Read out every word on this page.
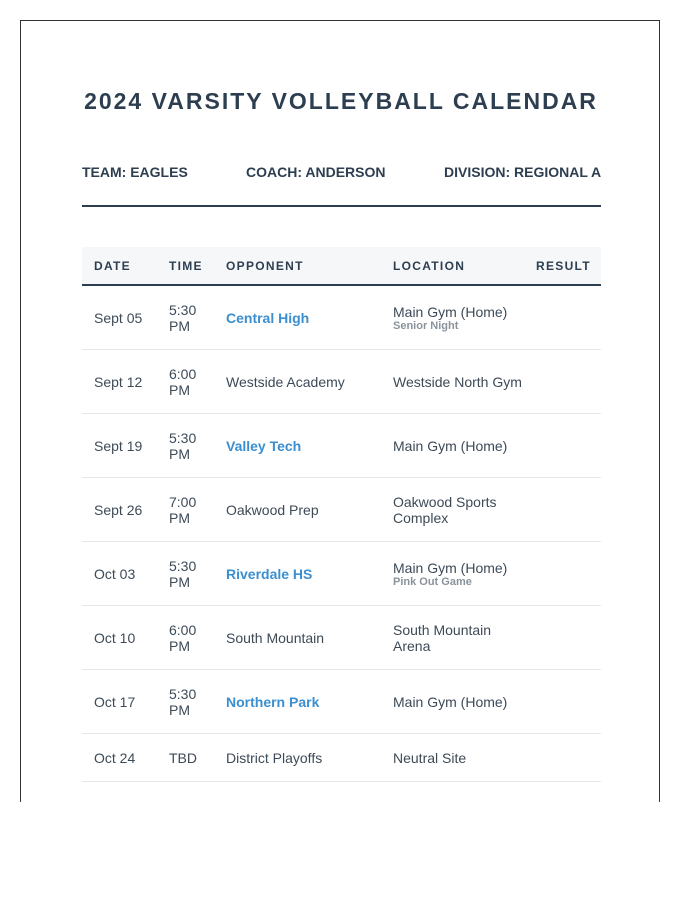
2024 VARSITY VOLLEYBALL CALENDAR
TEAM: EAGLES	COACH: ANDERSON	DIVISION: REGIONAL A
DATE	TIME	OPPONENT	LOCATION	RESULT
Sept 05	5:30 PM	Central High	Main Gym (Home)
Senior Night	

Sept 12	6:00 PM	Westside Academy	Westside North Gym	

Sept 19	5:30 PM	Valley Tech	Main Gym (Home)	

Sept 26	7:00 PM	Oakwood Prep	Oakwood Sports Complex	

Oct 03	5:30 PM	Riverdale HS	Main Gym (Home)
Pink Out Game	

Oct 10	6:00 PM	South Mountain	South Mountain Arena	

Oct 17	5:30 PM	Northern Park	Main Gym (Home)	

Oct 24	TBD	District Playoffs	Neutral Site	
